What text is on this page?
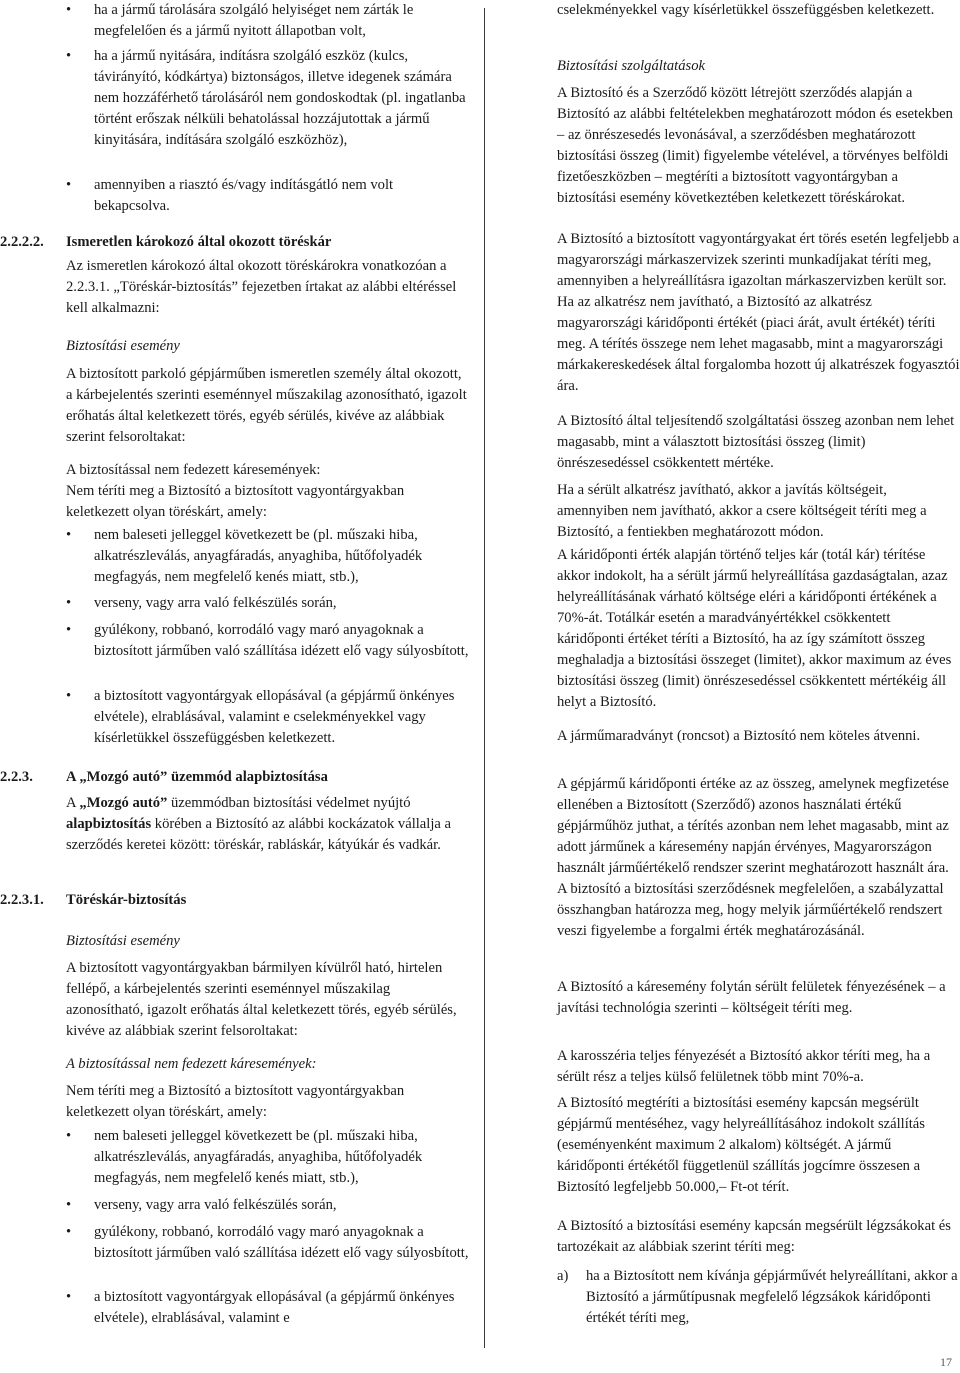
• ha a jármű tárolására szolgáló helyiséget nem zárták le megfelelően és a jármű nyitott állapotban volt,

• ha a jármű nyitására, indításra szolgáló eszköz (kulcs, távirányító, kódkártya) biztonságos, illetve idegenek számára nem hozzáférhető tárolásáról nem gondoskodtak (pl. ingatlanba történt erőszak nélküli behatolással hozzájutottak a jármű kinyitására, indítására szolgáló eszközhöz),

• amennyiben a riasztó és/vagy indításgátló nem volt bekapcsolva.

2.2.2.2.	Ismeretlen károkozó által okozott töréskár

Az ismeretlen károkozó által okozott töréskárokra vonatkozóan a 2.2.3.1. „Töréskár-biztosítás” fejezetben írtakat az alábbi eltéréssel kell alkalmazni:

Biztosítási esemény

A biztosított parkoló gépjárműben ismeretlen személy által okozott, a kárbejelentés szerinti eseménnyel műszakilag azonosítható, igazolt erőhatás által keletkezett törés, egyéb sérülés, kivéve az alábbiak szerint felsoroltakat:

A biztosítással nem fedezett káresemények:

Nem téríti meg a Biztosító a biztosított vagyontárgyakban keletkezett olyan töréskárt, amely:

• nem baleseti jelleggel következett be (pl. műszaki hiba, alkatrészleválás, anyagfáradás, anyaghiba, hűtőfolyadék megfagyás, nem megfelelő kenés miatt, stb.),

• verseny, vagy arra való felkészülés során,

• gyúlékony, robbanó, korrodáló vagy maró anyagoknak a biztosított járműben való szállítása idézett elő vagy súlyosbított,

• a biztosított vagyontárgyak ellopásával (a gépjármű önkényes elvétele), elrablásával, valamint e cselekményekkel vagy kísérletükkel összefüggésben keletkezett.

2.2.3.	A „Mozgó autó” üzemmód alapbiztosítása

A „Mozgó autó” üzemmódban biztosítási védelmet nyújtó alapbiztosítás körében a Biztosító az alábbi kockázatok vállalja a szerződés keretei között: töréskár, rabláskár, kátyúkár és vadkár.

2.2.3.1.	Töréskár-biztosítás

Biztosítási esemény

A biztosított vagyontárgyakban bármilyen kívülről ható, hirtelen fellépő, a kárbejelentés szerinti eseménnyel műszakilag azonosítható, igazolt erőhatás által keletkezett törés, egyéb sérülés, kivéve az alábbiak szerint felsoroltakat:

A biztosítással nem fedezett káresemények:

Nem téríti meg a Biztosító a biztosított vagyontárgyakban keletkezett olyan töréskárt, amely:

• nem baleseti jelleggel következett be (pl. műszaki hiba, alkatrészleválás, anyagfáradás, anyaghiba, hűtőfolyadék megfagyás, nem megfelelő kenés miatt, stb.),

• verseny, vagy arra való felkészülés során,

• gyúlékony, robbanó, korrodáló vagy maró anyagoknak a biztosított járműben való szállítása idézett elő vagy súlyosbított,

• a biztosított vagyontárgyak ellopásával (a gépjármű önkényes elvétele), elrablásával, valamint e

cselekményekkel vagy kísérletükkel összefüggésben keletkezett.

Biztosítási szolgáltatások

A Biztosító és a Szerződő között létrejött szerződés alapján a Biztosító az alábbi feltételekben meghatározott módon és esetekben – az önrészesedés levonásával, a szerződésben meghatározott biztosítási összeg (limit) figyelembe vételével, a törvényes belföldi fizetőeszközben – megtéríti a biztosított vagyontárgyban a biztosítási esemény következtében keletkezett töréskárokat.

A Biztosító a biztosított vagyontárgyakat ért törés esetén legfeljebb a magyarországi márkaszervizek szerinti munkadíjakat téríti meg, amennyiben a helyreállításra igazoltan márkaszervizben került sor. Ha az alkatrész nem javítható, a Biztosító az alkatrész magyarországi káridőponti értékét (piaci árát, avult értékét) téríti meg. A térítés összege nem lehet magasabb, mint a magyarországi márkakereskedések által forgalomba hozott új alkatrészek fogyasztói ára.

A Biztosító által teljesítendő szolgáltatási összeg azonban nem lehet magasabb, mint a választott biztosítási összeg (limit) önrészesedéssel csökkentett mértéke.

Ha a sérült alkatrész javítható, akkor a javítás költségeit, amennyiben nem javítható, akkor a csere költségeit téríti meg a Biztosító, a fentiekben meghatározott módon.

A káridőponti érték alapján történő teljes kár (totál kár) térítése akkor indokolt, ha a sérült jármű helyreállítása gazdaságtalan, azaz helyreállításának várható költsége eléri a káridőponti értékének a 70%-át. Totálkár esetén a maradványértékkel csökkentett káridőponti értéket téríti a Biztosító, ha az így számított összeg meghaladja a biztosítási összeget (limitet), akkor maximum az éves biztosítási összeg (limit) önrészesedéssel csökkentett mértékéig áll helyt a Biztosító.

A járműmaradványt (roncsot) a Biztosító nem köteles átvenni.

A gépjármű káridőponti értéke az az összeg, amelynek megfizetése ellenében a Biztosított (Szerződő) azonos használati értékű gépjárműhöz juthat, a térítés azonban nem lehet magasabb, mint az adott járműnek a káresemény napján érvényes, Magyarországon használt járműértékelő rendszer szerint meghatározott használt ára. A biztosító a biztosítási szerződésnek megfelelően, a szabályzattal összhangban határozza meg, hogy melyik járműértékelő rendszert veszi figyelembe a forgalmi érték meghatározásánál.

A Biztosító a káresemény folytán sérült felületek fényezésének – a javítási technológia szerinti – költségeit téríti meg.

A karosszéria teljes fényezését a Biztosító akkor téríti meg, ha a sérült rész a teljes külső felületnek több mint 70%-a.

A Biztosító megtéríti a biztosítási esemény kapcsán megsérült gépjármű mentéséhez, vagy helyreállításához indokolt szállítás (eseményenként maximum 2 alkalom) költségét. A jármű káridőponti értékétől függetlenül szállítás jogcímre összesen a Biztosító legfeljebb 50.000,– Ft-ot térít.

A Biztosító a biztosítási esemény kapcsán megsérült légzsákokat és tartozékait az alábbiak szerint téríti meg:

a)	ha a Biztosított nem kívánja gépjárművét helyreállítani, akkor a Biztosító a járműtípusnak megfelelő légzsákok káridőponti értékét téríti meg,
17
